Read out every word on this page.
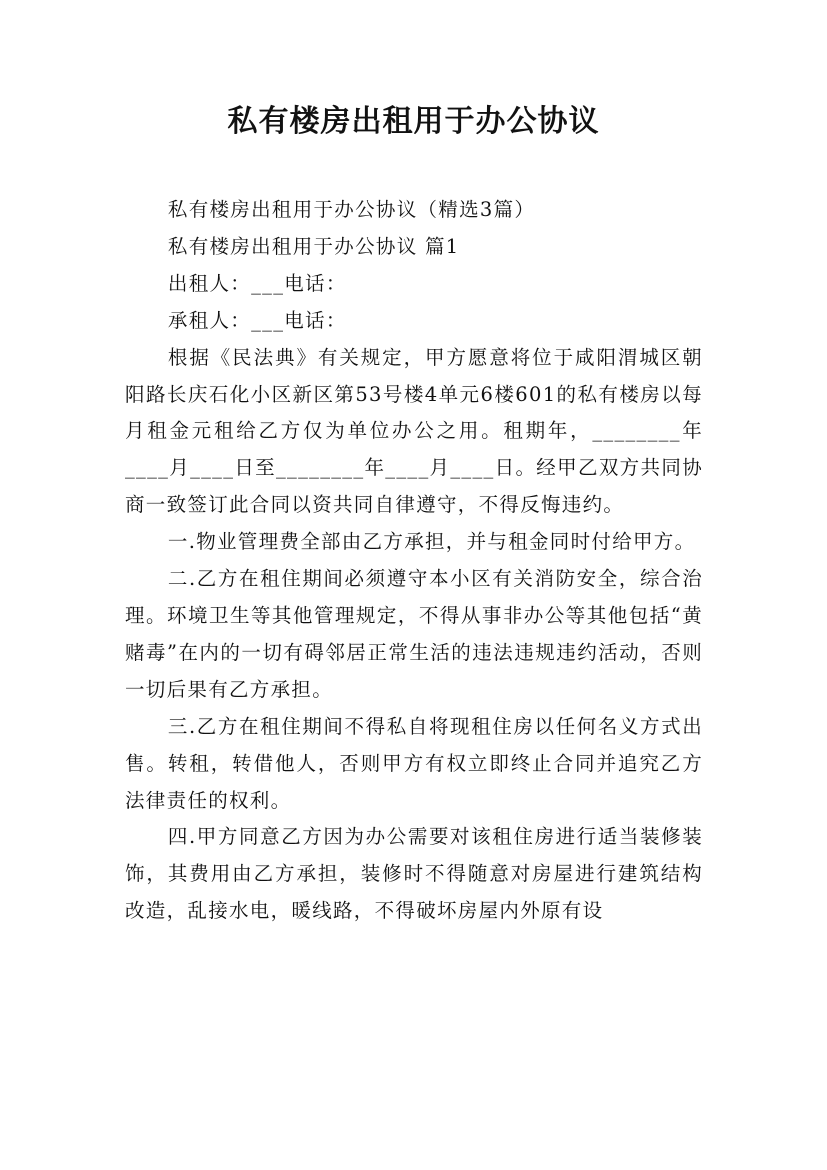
私有楼房出租用于办公协议

私有楼房出租用于办公协议（精选3篇）

私有楼房出租用于办公协议 篇1

出租人：___电话：

承租人：___电话：

根据《民法典》有关规定，甲方愿意将位于咸阳渭城区朝阳路长庆石化小区新区第53号楼4单元6楼601的私有楼房以每月租金元租给乙方仅为单位办公之用。租期年，________年____月____日至________年____月____日。经甲乙双方共同协商一致签订此合同以资共同自律遵守，不得反悔违约。

一.物业管理费全部由乙方承担，并与租金同时付给甲方。

二.乙方在租住期间必须遵守本小区有关消防安全，综合治理。环境卫生等其他管理规定，不得从事非办公等其他包括“黄赌毒”在内的一切有碍邻居正常生活的违法违规违约活动，否则一切后果有乙方承担。

三.乙方在租住期间不得私自将现租住房以任何名义方式出售。转租，转借他人，否则甲方有权立即终止合同并追究乙方法律责任的权利。

四.甲方同意乙方因为办公需要对该租住房进行适当装修装饰，其费用由乙方承担，装修时不得随意对房屋进行建筑结构改造，乱接水电，暖线路，不得破坏房屋内外原有设
